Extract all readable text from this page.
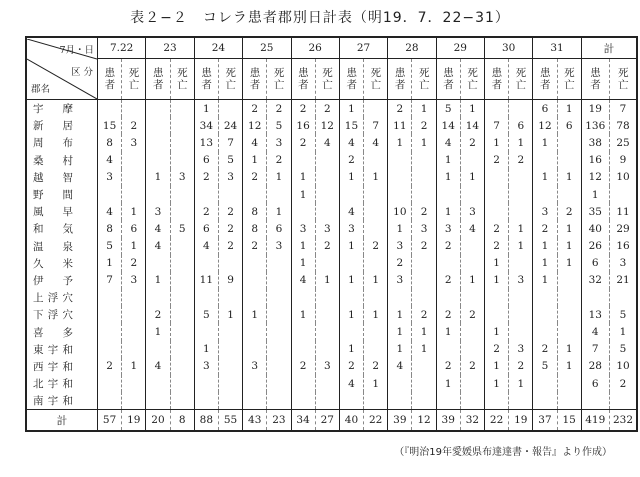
表２−２　コレラ患者郡別日計表（明19．7．22−31）
7月・日
区 分
郡名	7.22		23		24		25		26		27		28		29		30		31		計	
	患者	死亡	患者	死亡	患者	死亡	患者	死亡	患者	死亡	患者	死亡	患者	死亡	患者	死亡	患者	死亡	患者	死亡	患者	死亡

宇摩					1		2	2	2	2	1		2	1	5	1			6	1	19	7

新居	15	2			34	24	12	5	16	12	15	7	11	2	14	14	7	6	12	6	136	78

周布	8	3			13	7	4	3	2	4	4	4	1	1	4	2	1	1	1		38	25

桑村	4				6	5	1	2			2				1		2	2			16	9

越智	3		1	3	2	3	2	1	1		1	1			1	1			1	1	12	10

野間									1												1	

風早	4	1	3		2	2	8	1			4		10	2	1	3			3	2	35	11

和気	8	6	4	5	6	2	8	6	3	3	3		1	3	3	4	2	1	2	1	40	29

温泉	5	1	4		4	2	2	3	1	2	1	2	3	2	2		2	1	1	1	26	16

久米	1	2							1				2				1		1	1	6	3

伊予	7	3	1		11	9			4	1	1	1	3		2	1	1	3	1		32	21

上浮穴																						

下浮穴			2		5	1	1		1		1	1	1	2	2	2					13	5

喜多			1										1	1	1		1				4	1

東宇和					1						1		1	1			2	3	2	1	7	5

西宇和	2	1	4		3		3		2	3	2	2	4		2	2	1	2	5	1	28	10

北宇和											4	1			1		1	1			6	2

南宇和																						

計	57	19	20	8	88	55	43	23	34	27	40	22	39	12	39	32	22	19	37	15	419	232
（『明治19年愛媛県布達達書・報告』より作成）
